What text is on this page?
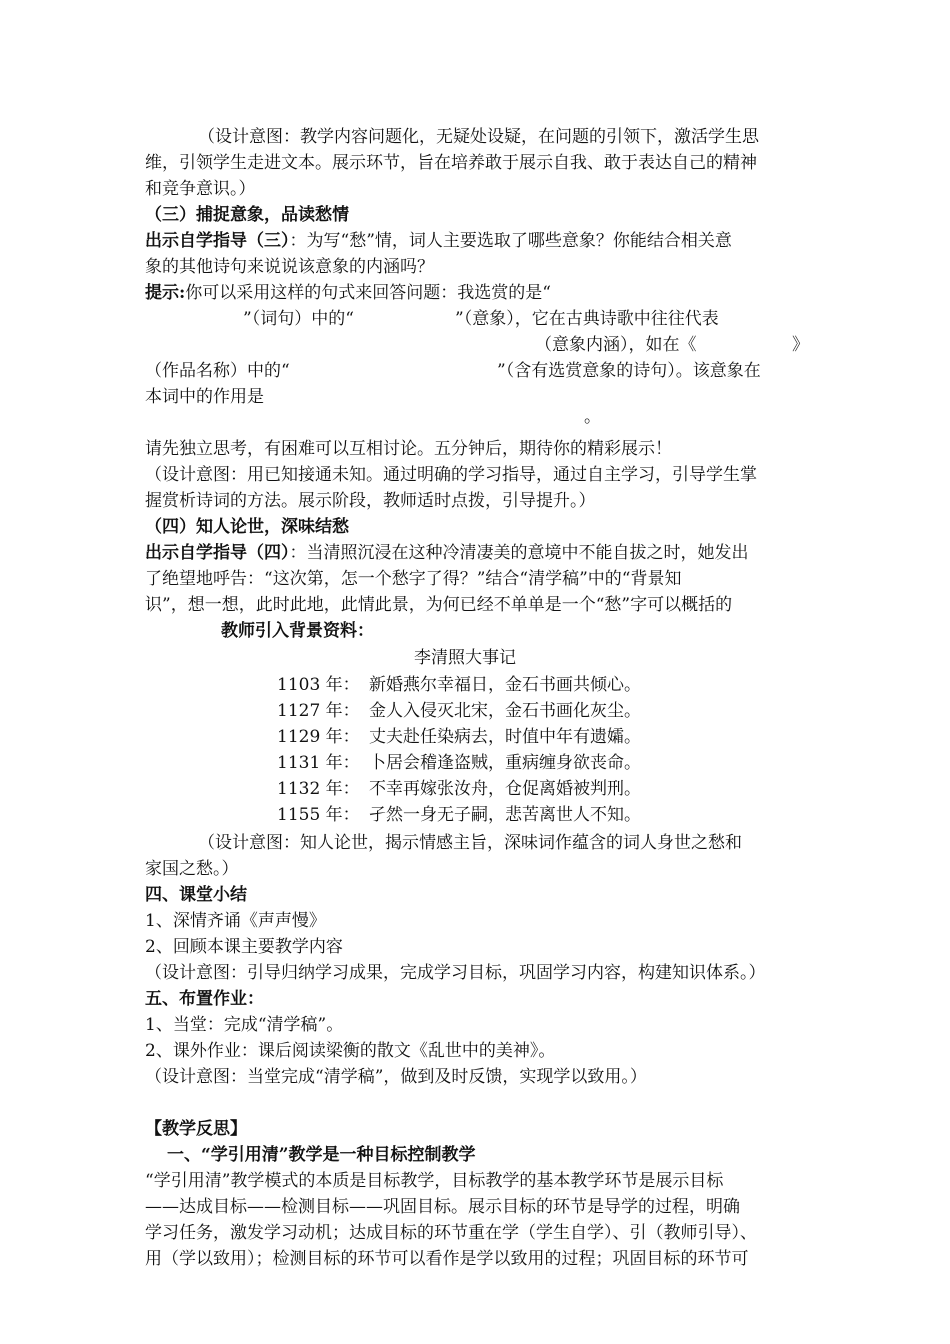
（设计意图：教学内容问题化，无疑处设疑，在问题的引领下，激活学生思
维，引领学生走进文本。展示环节，旨在培养敢于展示自我、敢于表达自己的精神
和竞争意识。）
（三）捕捉意象，品读愁情
出示自学指导（三）：为写“愁”情，词人主要选取了哪些意象？你能结合相关意
象的其他诗句来说说该意象的内涵吗？
提示:你可以采用这样的句式来回答问题：我选赏的是“
”（词句）中的“	”（意象），它在古典诗歌中往往代表
（意象内涵），如在《	》
（作品名称）中的“	”（含有选赏意象的诗句）。该意象在
本词中的作用是
。
请先独立思考，有困难可以互相讨论。五分钟后，期待你的精彩展示！
（设计意图：用已知接通未知。通过明确的学习指导，通过自主学习，引导学生掌
握赏析诗词的方法。展示阶段，教师适时点拨，引导提升。）
（四）知人论世，深味结愁
出示自学指导（四）：当清照沉浸在这种冷清凄美的意境中不能自拔之时，她发出
了绝望地呼告：“这次第，怎一个愁字了得？”结合“清学稿”中的“背景知
识”，想一想，此时此地，此情此景，为何已经不单单是一个“愁”字可以概括的
教师引入背景资料：
李清照大事记
1103 年： 新婚燕尔幸福日，金石书画共倾心。
1127 年： 金人入侵灭北宋，金石书画化灰尘。
1129 年： 丈夫赴任染病去，时值中年有遗孀。
1131 年： 卜居会稽逢盗贼，重病缠身欲丧命。
1132 年： 不幸再嫁张汝舟，仓促离婚被判刑。
1155 年： 孑然一身无子嗣，悲苦离世人不知。
（设计意图：知人论世，揭示情感主旨，深味词作蕴含的词人身世之愁和
家国之愁。）
四、课堂小结
1、深情齐诵《声声慢》
2、回顾本课主要教学内容
（设计意图：引导归纳学习成果，完成学习目标，巩固学习内容，构建知识体系。）
五、布置作业：
1、当堂：完成“清学稿”。
2、课外作业：课后阅读梁衡的散文《乱世中的美神》。
（设计意图：当堂完成“清学稿”，做到及时反馈，实现学以致用。）
【教学反思】
一、“学引用清”教学是一种目标控制教学
“学引用清”教学模式的本质是目标教学，目标教学的基本教学环节是展示目标
——达成目标——检测目标——巩固目标。展示目标的环节是导学的过程，明确
学习任务，激发学习动机；达成目标的环节重在学（学生自学）、引（教师引导）、
用（学以致用）；检测目标的环节可以看作是学以致用的过程；巩固目标的环节可
